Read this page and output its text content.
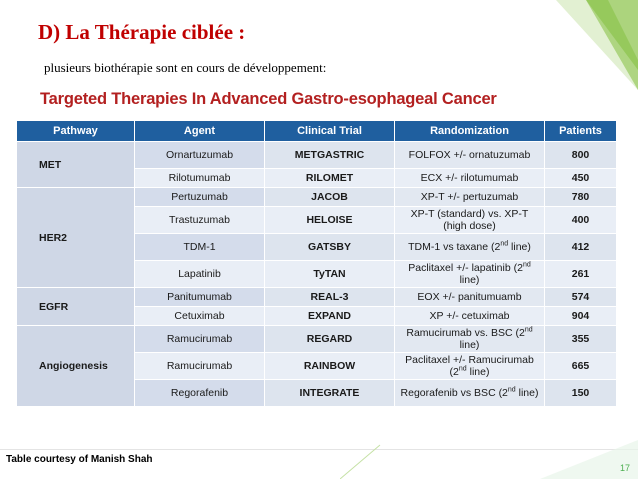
D) La Thérapie ciblée :
plusieurs biothérapie sont en cours de développement:
Targeted Therapies In Advanced Gastro-esophageal Cancer
Pathway	Agent	Clinical Trial	Randomization	Patients
MET	Ornartuzumab	METGASTRIC	FOLFOX +/- ornatuzumab	800
	Rilotumumab	RILOMET	ECX +/- rilotumumab	450
HER2	Pertuzumab	JACOB	XP-T +/- pertuzumab	780
	Trastuzumab	HELOISE	XP-T (standard) vs. XP-T (high dose)	400
	TDM-1	GATSBY	TDM-1 vs taxane (2nd line)	412
	Lapatinib	TyTAN	Paclitaxel +/- lapatinib (2nd line)	261
EGFR	Panitumumab	REAL-3	EOX +/- panitumuamb	574
	Cetuximab	EXPAND	XP +/- cetuximab	904
Angiogenesis	Ramucirumab	REGARD	Ramucirumab vs. BSC (2nd line)	355
	Ramucirumab	RAINBOW	Paclitaxel +/- Ramucirumab (2nd line)	665
	Regorafenib	INTEGRATE	Regorafenib vs BSC (2nd line)	150
Table courtesy of Manish Shah
17
